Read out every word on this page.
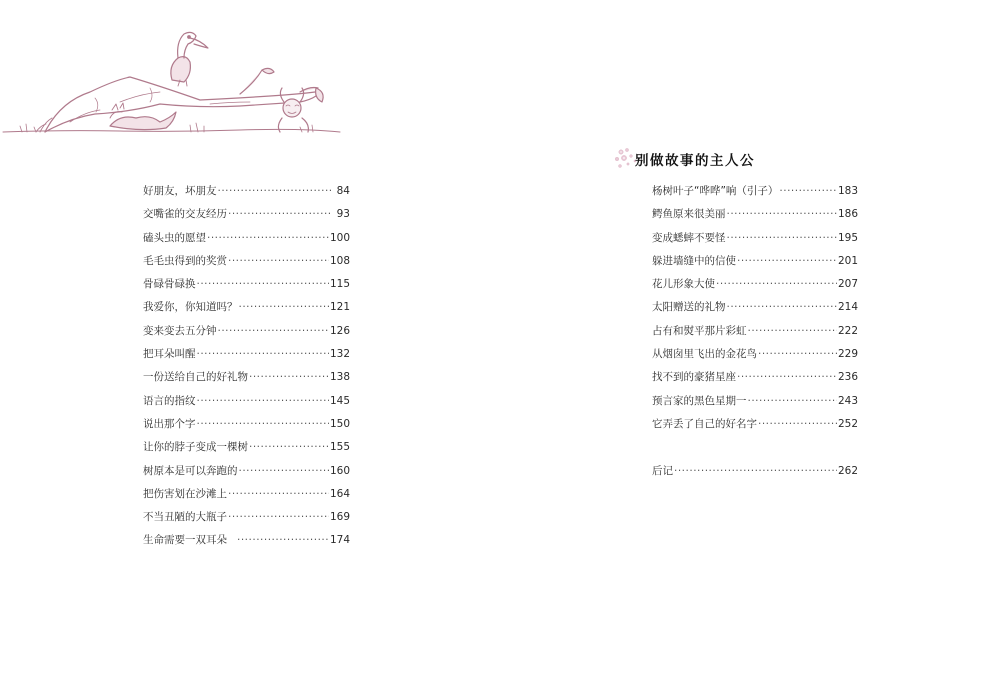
好朋友，坏朋友 ·····	84
交嘴雀的交友经历 ·····	93
磕头虫的愿望 ·····	100
毛毛虫得到的奖赏 ·····	108
骨碌骨碌换 ·····	115
我爱你，你知道吗？ ·····	121
变来变去五分钟 ·····	126
把耳朵叫醒 ·····	132
一份送给自己的好礼物 ·····	138
语言的指纹 ·····	145
说出那个字 ·····	150
让你的脖子变成一棵树 ·····	155
树原本是可以奔跑的 ·····	160
把伤害划在沙滩上 ·····	164
不当丑陋的大瓶子 ·····	169
生命需要一双耳朵 ·····	174
别做故事的主人公
杨树叶子“哗哗”响（引子） ·····	183
鳄鱼原来很美丽 ·····	186
变成蟋蟀不要怪 ·····	195
躲进墙缝中的信使 ·····	201
花儿形象大使 ·····	207
太阳赠送的礼物 ·····	214
占有和熨平那片彩虹 ·····	222
从烟囱里飞出的金花鸟 ·····	229
找不到的豪猪星座 ·····	236
预言家的黑色星期一 ·····	243
它弄丢了自己的好名字 ·····	252
后记 ·····	262
